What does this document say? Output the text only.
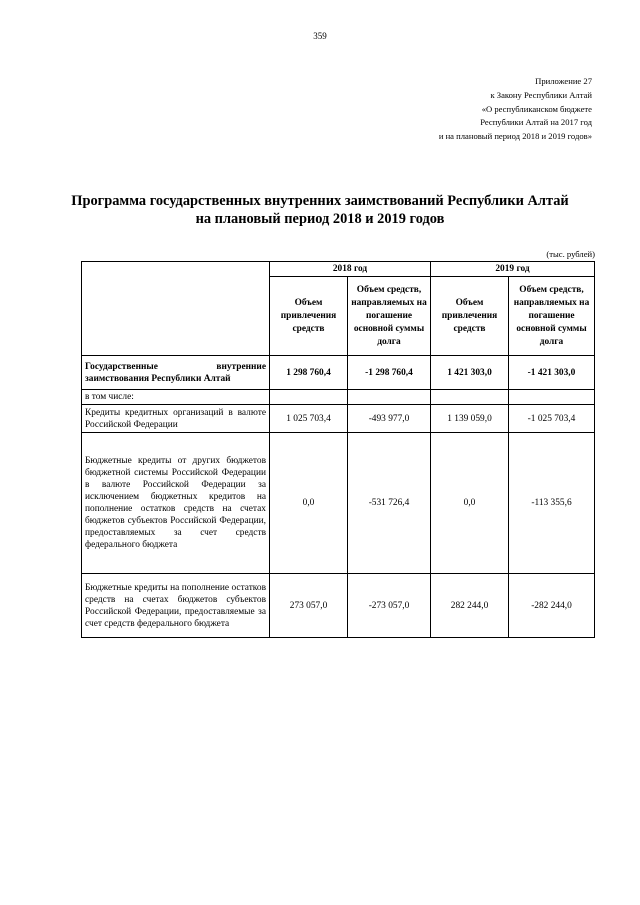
359
Приложение 27
к Закону Республики Алтай
«О республиканском бюджете
Республики Алтай на 2017 год
и на плановый период 2018 и 2019 годов»
Программа государственных внутренних заимствований Республики Алтай
на плановый период 2018 и 2019 годов
(тыс. рублей)
	2018 год		2019 год	
	Объем привлечения средств	Объем средств, направляемых на погашение основной суммы долга	Объем привлечения средств	Объем средств, направляемых на погашение основной суммы долга
Государственные внутренние заимствования Республики Алтай	1 298 760,4	-1 298 760,4	1 421 303,0	-1 421 303,0
в том числе:				
Кредиты кредитных организаций в валюте Российской Федерации	1 025 703,4	-493 977,0	1 139 059,0	-1 025 703,4
Бюджетные кредиты от других бюджетов бюджетной системы Российской Федерации в валюте Российской Федерации за исключением бюджетных кредитов на пополнение остатков средств на счетах бюджетов субъектов Российской Федерации, предоставляемых за счет средств федерального бюджета	0,0	-531 726,4	0,0	-113 355,6
Бюджетные кредиты на пополнение остатков средств на счетах бюджетов субъектов Российской Федерации, предоставляемые за счет средств федерального бюджета	273 057,0	-273 057,0	282 244,0	-282 244,0
